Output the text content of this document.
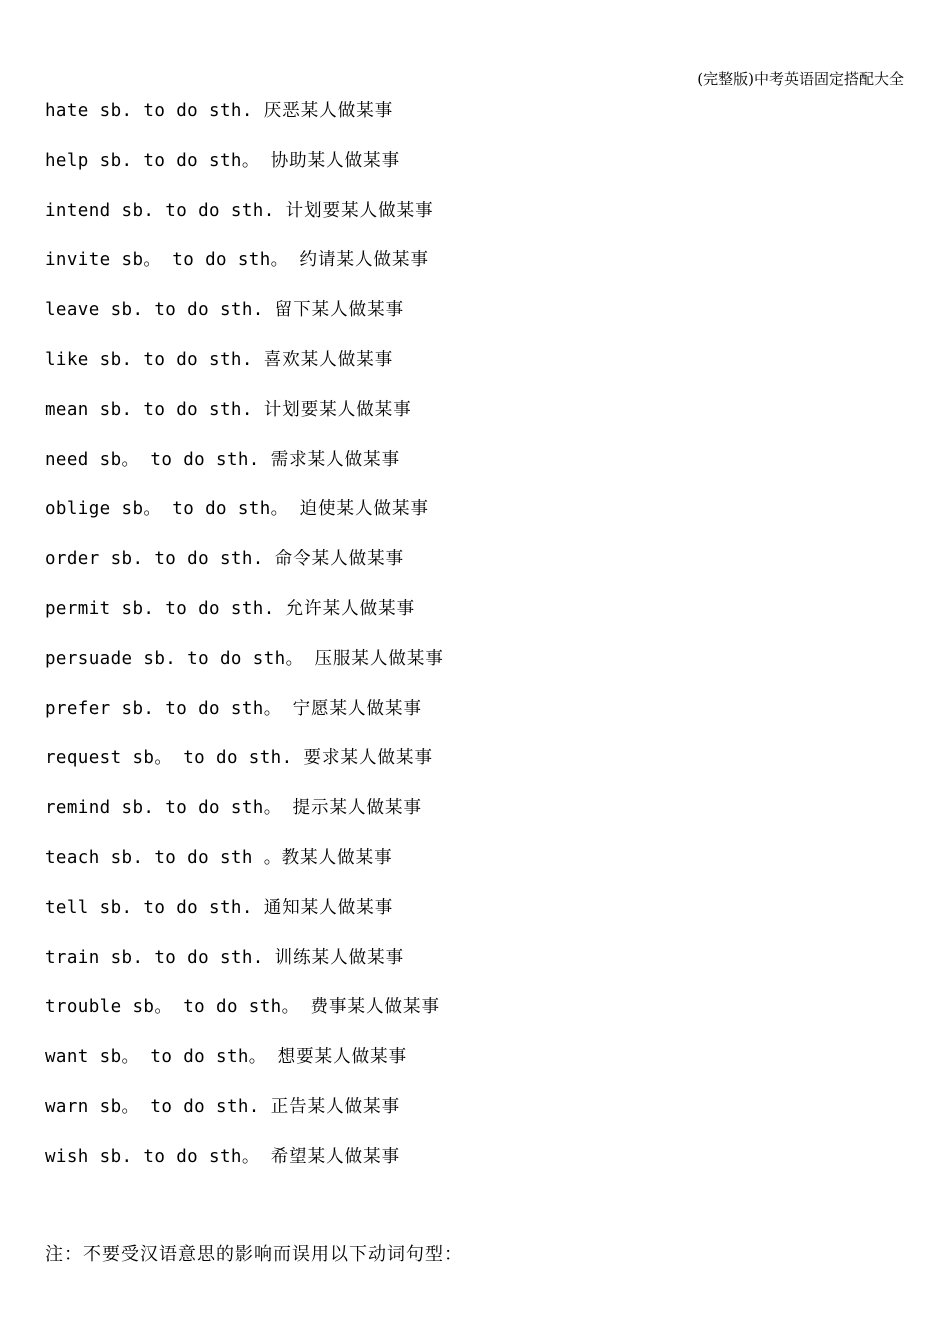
(完整版)中考英语固定搭配大全
hate sb. to do sth. 厌恶某人做某事
help sb. to do sth。 协助某人做某事
intend sb. to do sth. 计划要某人做某事
invite sb。 to do sth。 约请某人做某事
leave sb. to do sth. 留下某人做某事
like sb. to do sth. 喜欢某人做某事
mean sb. to do sth. 计划要某人做某事
need sb。 to do sth. 需求某人做某事
oblige sb。 to do sth。 迫使某人做某事
order sb. to do sth. 命令某人做某事
permit sb. to do sth. 允许某人做某事
persuade sb. to do sth。 压服某人做某事
prefer sb. to do sth。 宁愿某人做某事
request sb。 to do sth. 要求某人做某事
remind sb. to do sth。 提示某人做某事
teach sb. to do sth 。教某人做某事
tell sb. to do sth. 通知某人做某事
train sb. to do sth. 训练某人做某事
trouble sb。 to do sth。 费事某人做某事
want sb。 to do sth。 想要某人做某事
warn sb。 to do sth. 正告某人做某事
wish sb. to do sth。 希望某人做某事
注：不要受汉语意思的影响而误用以下动词句型：
